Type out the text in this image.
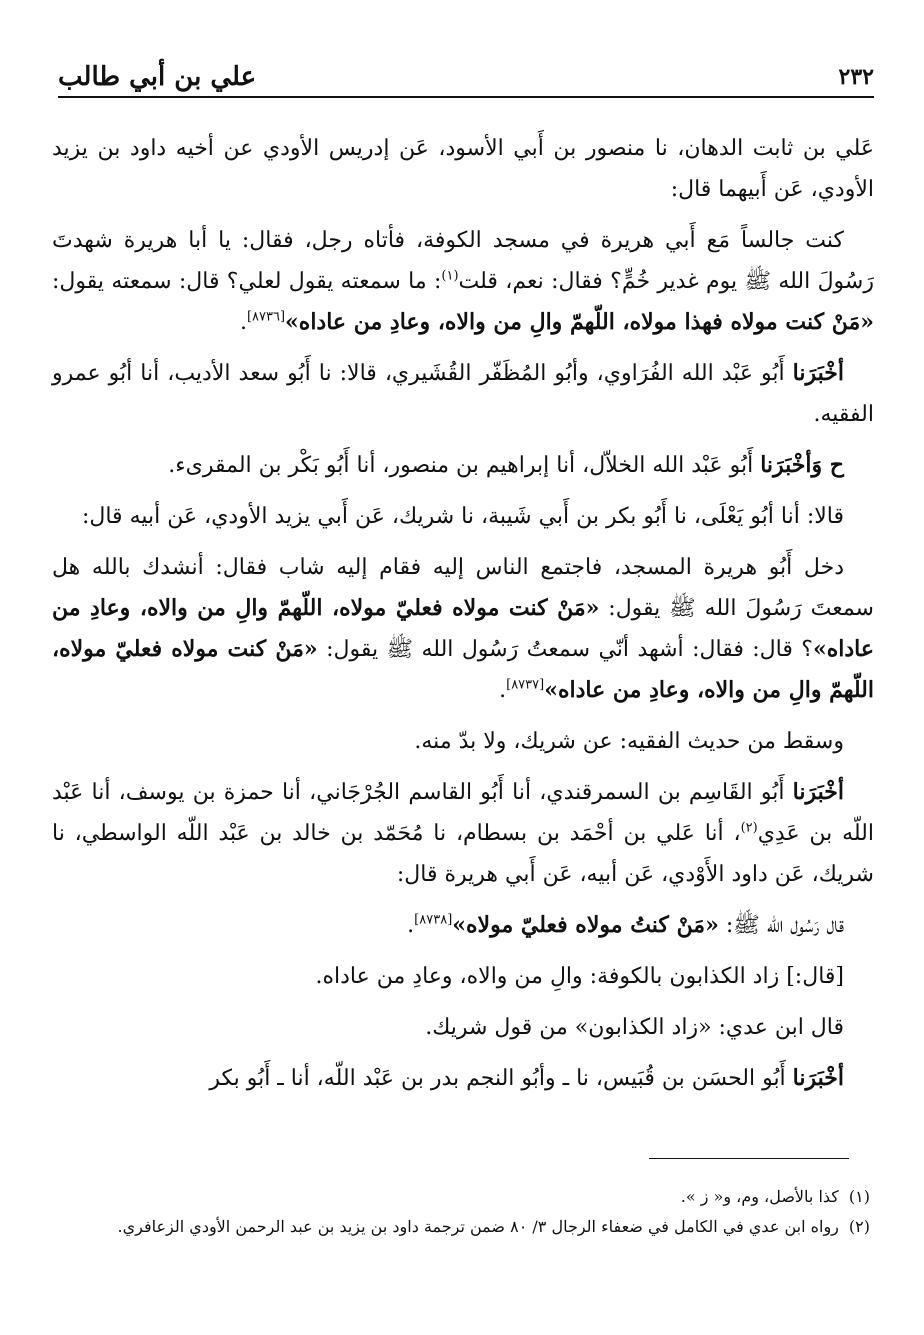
علي بن أبي طالب	٢٣٢

عَلي بن ثابت الدهان، نا منصور بن أَبي الأسود، عَن إدريس الأودي عن أخيه داود بن يزيد الأودي، عَن أَبيهما قال:

كنت جالساً مَع أَبي هريرة في مسجد الكوفة، فأتاه رجل، فقال: يا أبا هريرة شهدتَ رَسُولَ الله ﷺ يوم غدير خُمٍّ؟ فقال: نعم، قلت$^{(١)}$: ما سمعته يقول لعلي؟ قال: سمعته يقول: «مَنْ كنت مولاه فهذا مولاه، اللّهمّ والِ من والاه، وعادِ من عاداه»[٨٧٣٦].

أخْبَرَنا أَبُو عَبْد الله الفُرَاوي، وأبُو المُظَفّر القُشَيري، قالا: نا أَبُو سعد الأديب، أنا أبُو عمرو الفقيه.

ح وَأخْبَرَنا أَبُو عَبْد الله الخلاّل، أنا إبراهيم بن منصور، أنا أَبُو بَكْر بن المقرىء.

قالا: أنا أبُو يَعْلَى، نا أَبُو بكر بن أَبي شَيبة، نا شريك، عَن أَبي يزيد الأودي، عَن أبيه قال:

دخل أَبُو هريرة المسجد، فاجتمع الناس إليه فقام إليه شاب فقال: أنشدك بالله هل سمعتَ رَسُولَ الله ﷺ يقول: «مَنْ كنت مولاه فعليّ مولاه، اللّهمّ والِ من والاه، وعادِ من عاداه»؟ قال: فقال: أشهد أنّي سمعتُ رَسُول الله ﷺ يقول: «مَنْ كنت مولاه فعليّ مولاه، اللّهمّ والِ من والاه، وعادِ من عاداه»[٨٧٣٧].

وسقط من حديث الفقيه: عن شريك، ولا بدّ منه.

أخْبَرَنا أَبُو القَاسِم بن السمرقندي، أنا أَبُو القاسم الجُرْجَاني، أنا حمزة بن يوسف، أنا عَبْد اللّه بن عَدِي$^{(٢)}$، أنا عَلي بن أحْمَد بن بسطام، نا مُحَمّد بن خالد بن عَبْد اللّه الواسطي، نا شريك، عَن داود الأَوْدي، عَن أبيه، عَن أَبي هريرة قال:

قال رَسُول الله ﷺ: «مَنْ كنتُ مولاه فعليّ مولاه»[٨٧٣٨].

[قال:] زاد الكذابون بالكوفة: والِ من والاه، وعادِ من عاداه.

قال ابن عدي: «زاد الكذابون» من قول شريك.

أخْبَرَنا أَبُو الحسَن بن قُبَيس، نا ـ وأبُو النجم بدر بن عَبْد اللّه، أنا ـ أَبُو بكر

(١)
كذا بالأصل، وم، و« ز ».
(٢)
رواه ابن عدي في الكامل في ضعفاء الرجال ٣/ ٨٠ ضمن ترجمة داود بن يزيد بن عبد الرحمن الأودي الزعافري.
